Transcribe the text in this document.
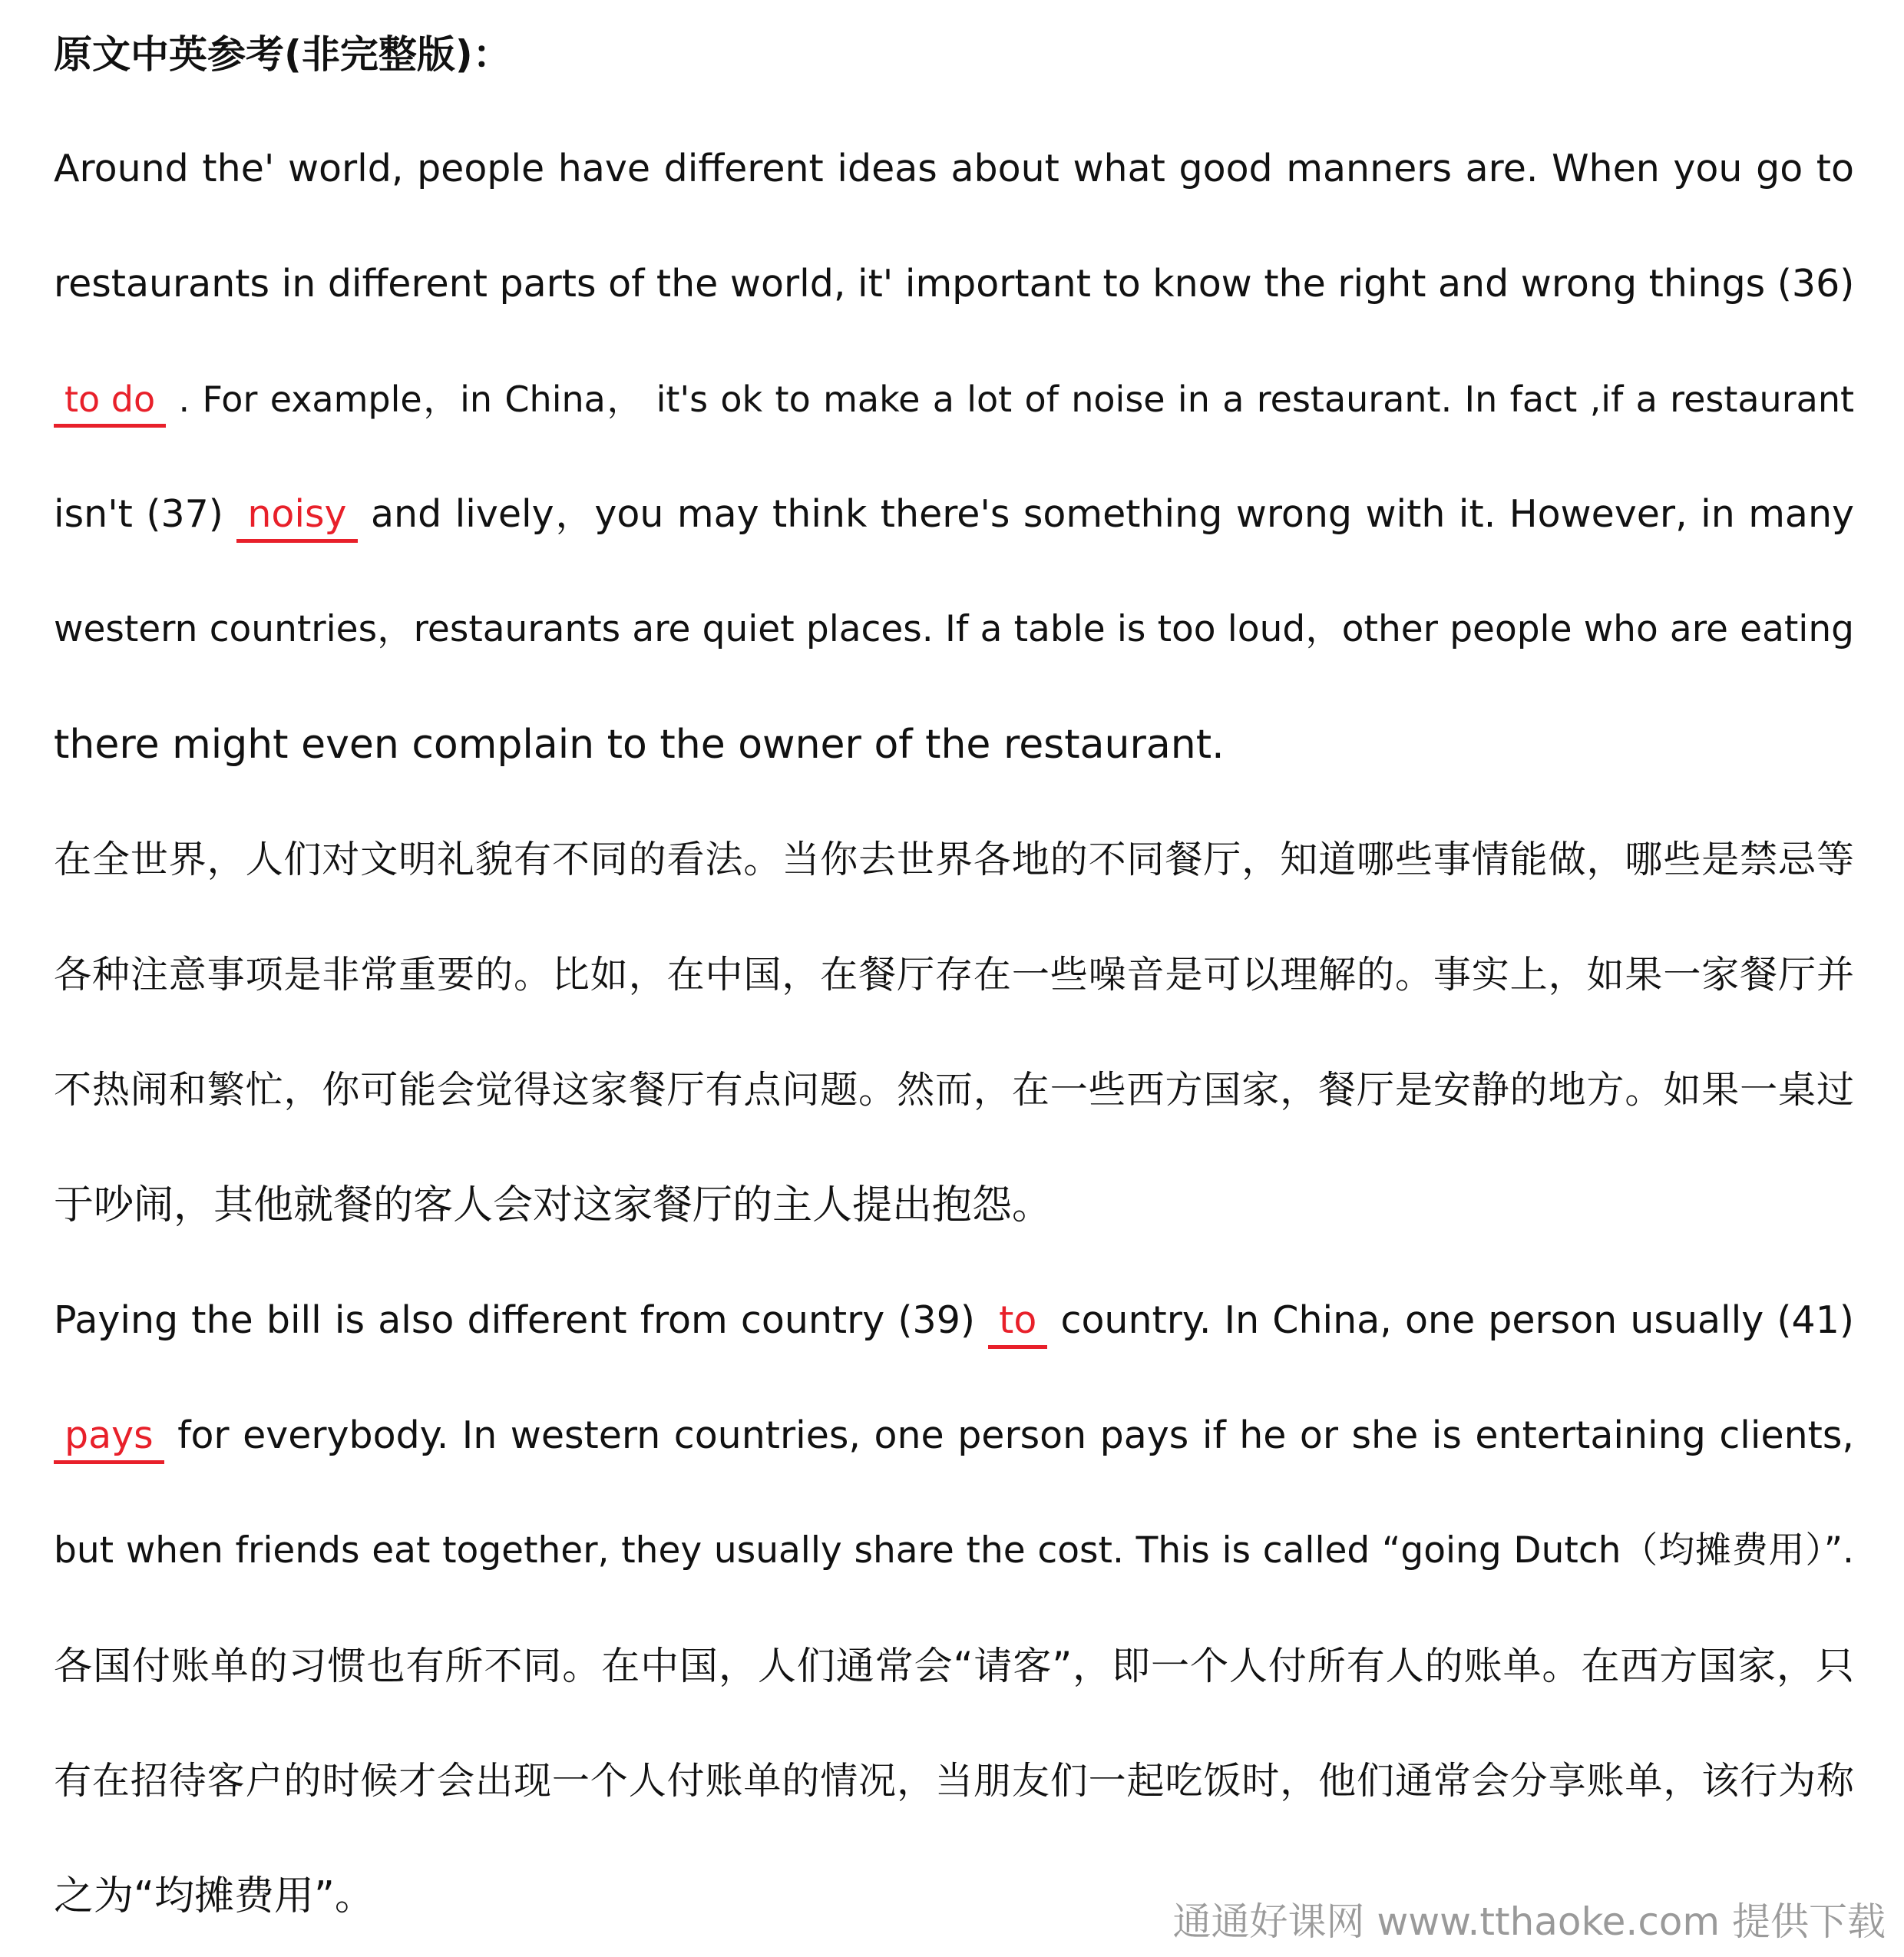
原文中英参考(非完整版)：
Around the' world, people have different ideas about what good manners are. When you go to
restaurants in different parts of the world, it' important to know the right and wrong things (36)
to do . For example，in China， it's ok to make a lot of noise in a restaurant. In fact ,if a restaurant
isn't (37) noisy and lively，you may think there's something wrong with it. However, in many
western countries，restaurants are quiet places. If a table is too loud，other people who are eating
there might even complain to the owner of the restaurant.
在全世界，人们对文明礼貌有不同的看法。当你去世界各地的不同餐厅，知道哪些事情能做，哪些是禁忌等
各种注意事项是非常重要的。比如，在中国，在餐厅存在一些噪音是可以理解的。事实上，如果一家餐厅并
不热闹和繁忙，你可能会觉得这家餐厅有点问题。然而，在一些西方国家，餐厅是安静的地方。如果一桌过
于吵闹，其他就餐的客人会对这家餐厅的主人提出抱怨。
Paying the bill is also different from country (39) to country. In China, one person usually (41)
pays for everybody. In western countries, one person pays if he or she is entertaining clients,
but when friends eat together, they usually share the cost. This is called “going Dutch（均摊费用）”.
各国付账单的习惯也有所不同。在中国，人们通常会“请客”，即一个人付所有人的账单。在西方国家，只
有在招待客户的时候才会出现一个人付账单的情况，当朋友们一起吃饭时，他们通常会分享账单，该行为称
之为“均摊费用”。
通通好课网 www.tthaoke.com 提供下载
